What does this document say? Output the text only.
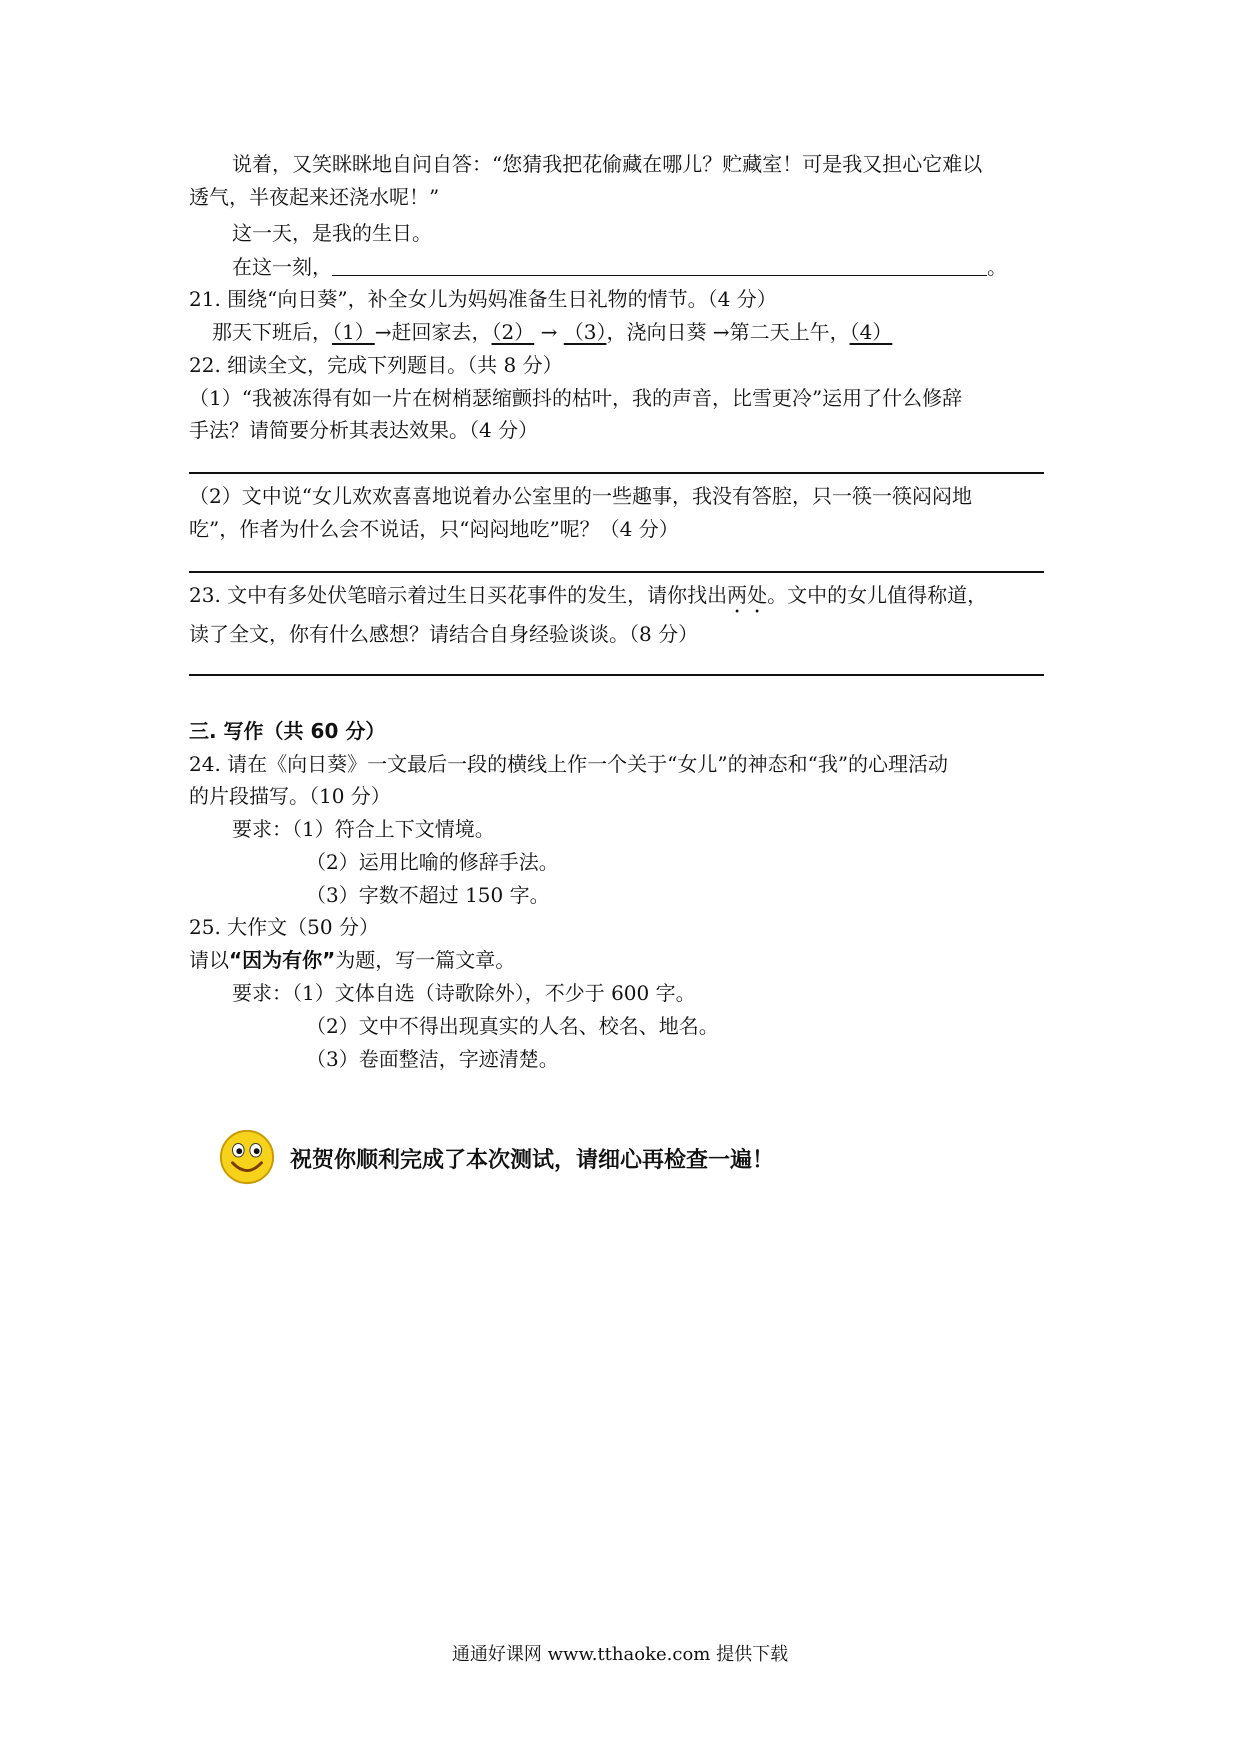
说着，又笑眯眯地自问自答：“您猜我把花偷藏在哪儿？贮藏室！可是我又担心它难以
透气，半夜起来还浇水呢！”
这一天，是我的生日。
在这一刻，	。
21. 围绕“向日葵”，补全女儿为妈妈准备生日礼物的情节。（4 分）
那天下班后，（1）→赶回家去，（2） → （3），浇向日葵 →第二天上午，（4）
22. 细读全文，完成下列题目。（共 8 分）
（1）“我被冻得有如一片在树梢瑟缩颤抖的枯叶，我的声音，比雪更冷”运用了什么修辞
手法？请简要分析其表达效果。（4 分）
（2）文中说“女儿欢欢喜喜地说着办公室里的一些趣事，我没有答腔，只一筷一筷闷闷地
吃”，作者为什么会不说话，只“闷闷地吃”呢？（4 分）
23. 文中有多处伏笔暗示着过生日买花事件的发生，请你找出两处。文中的女儿值得称道，
读了全文，你有什么感想？请结合自身经验谈谈。（8 分）
三. 写作（共 60 分）
24. 请在《向日葵》一文最后一段的横线上作一个关于“女儿”的神态和“我”的心理活动
的片段描写。（10 分）
要求：（1）符合上下文情境。
（2）运用比喻的修辞手法。
（3）字数不超过 150 字。
25. 大作文（50 分）
请以“因为有你”为题，写一篇文章。
要求：（1）文体自选（诗歌除外），不少于 600 字。
（2）文中不得出现真实的人名、校名、地名。
（3）卷面整洁，字迹清楚。
祝贺你顺利完成了本次测试，请细心再检查一遍！
通通好课网 www.tthaoke.com 提供下载
